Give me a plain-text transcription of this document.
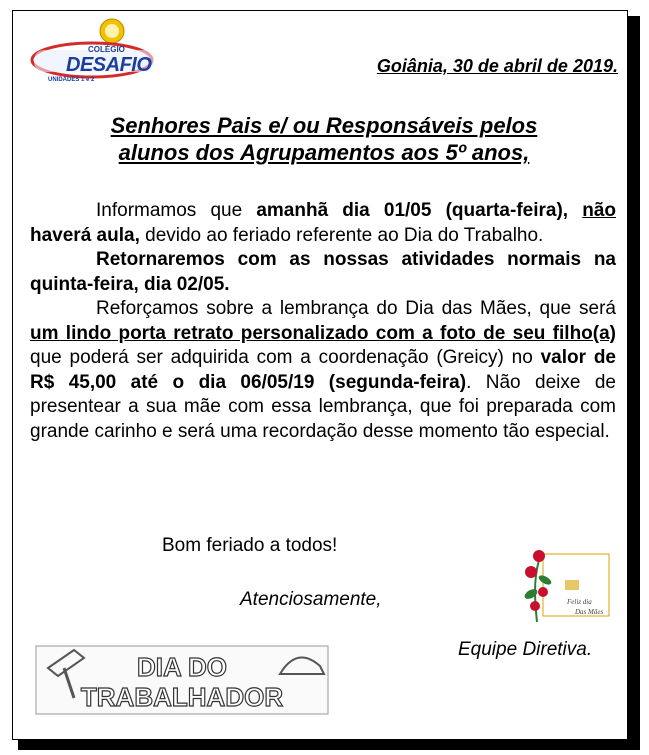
COLÉGIO
DESAFIO
UNIDADES 1 e 2
Goiânia, 30 de abril de 2019.
Senhores Pais e/ ou Responsáveis pelos
alunos dos Agrupamentos aos 5º anos,

Informamos que amanhã dia 01/05 (quarta-feira), não haverá aula, devido ao feriado referente ao Dia do Trabalho.

Retornaremos com as nossas atividades normais na quinta-feira, dia 02/05.

Reforçamos sobre a lembrança do Dia das Mães, que será um lindo porta retrato personalizado com a foto de seu filho(a) que poderá ser adquirida com a coordenação (Greicy) no valor de R$ 45,00 até o dia 06/05/19 (segunda-feira). Não deixe de presentear a sua mãe com essa lembrança, que foi preparada com grande carinho e será uma recordação desse momento tão especial.

Bom feriado a todos!
Atenciosamente,
Equipe Diretiva.
Feliz dia
Das Mães
DIA DO
TRABALHADOR
